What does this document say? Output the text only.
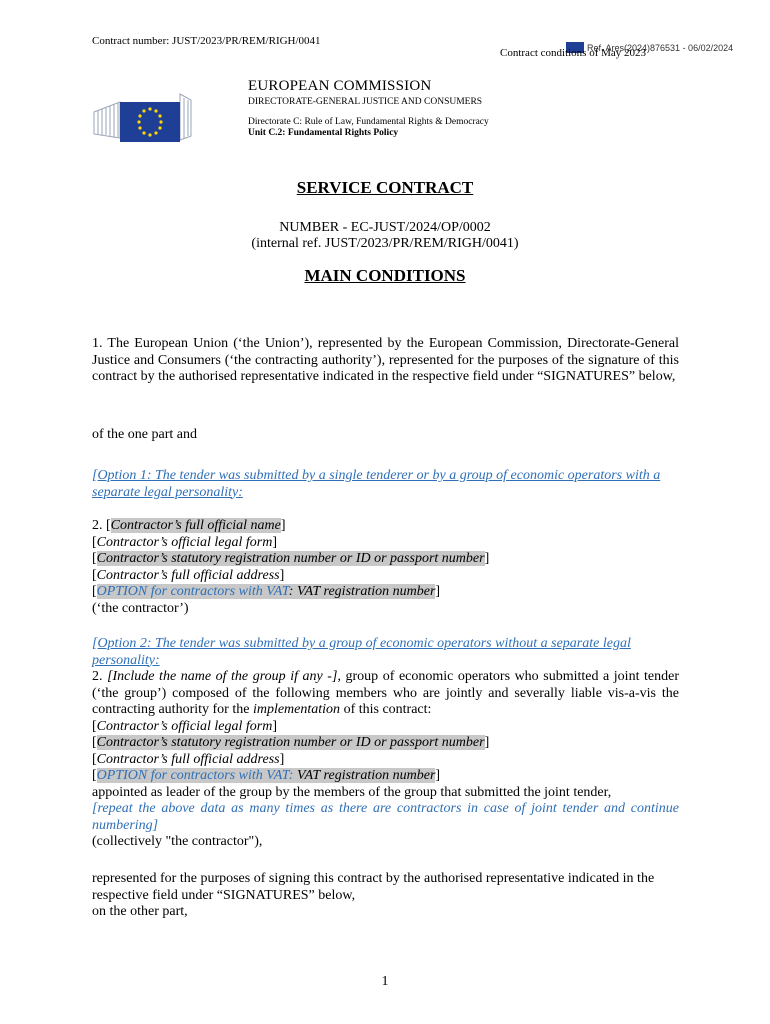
Contract number: JUST/2023/PR/REM/RIGH/0041
Ref. Ares(2024)876531 - 06/02/2024
Contract conditions of May 2023
EUROPEAN COMMISSION
DIRECTORATE-GENERAL JUSTICE AND CONSUMERS
Directorate C: Rule of Law, Fundamental Rights & Democracy
Unit C.2: Fundamental Rights Policy
SERVICE CONTRACT
NUMBER - EC-JUST/2024/OP/0002
(internal ref. JUST/2023/PR/REM/RIGH/0041)
MAIN CONDITIONS
1. The European Union (‘the Union’), represented by the European Commission, Directorate-General Justice and Consumers (‘the contracting authority’), represented for the purposes of the signature of this contract by the authorised representative indicated in the respective field under “SIGNATURES” below,
of the one part and
[Option 1: The tender was submitted by a single tenderer or by a group of economic operators with a separate legal personality:
2. [Contractor’s full official name]
[Contractor’s official legal form]
[Contractor’s statutory registration number or ID or passport number]
[Contractor’s full official address]
[OPTION for contractors with VAT: VAT registration number]
(‘the contractor’)
[Option 2: The tender was submitted by a group of economic operators without a separate legal personality:
2. [Include the name of the group if any -], group of economic operators who submitted a joint tender (‘the group’) composed of the following members who are jointly and severally liable vis-a-vis the contracting authority for the implementation of this contract:
[Contractor’s official legal form]
[Contractor’s statutory registration number or ID or passport number]
[Contractor’s full official address]
[OPTION for contractors with VAT: VAT registration number]
appointed as leader of the group by the members of the group that submitted the joint tender,
[repeat the above data as many times as there are contractors in case of joint tender and continue numbering]
(collectively "the contractor"),
represented for the purposes of signing this contract by the authorised representative indicated in the respective field under “SIGNATURES” below,
on the other part,
1
